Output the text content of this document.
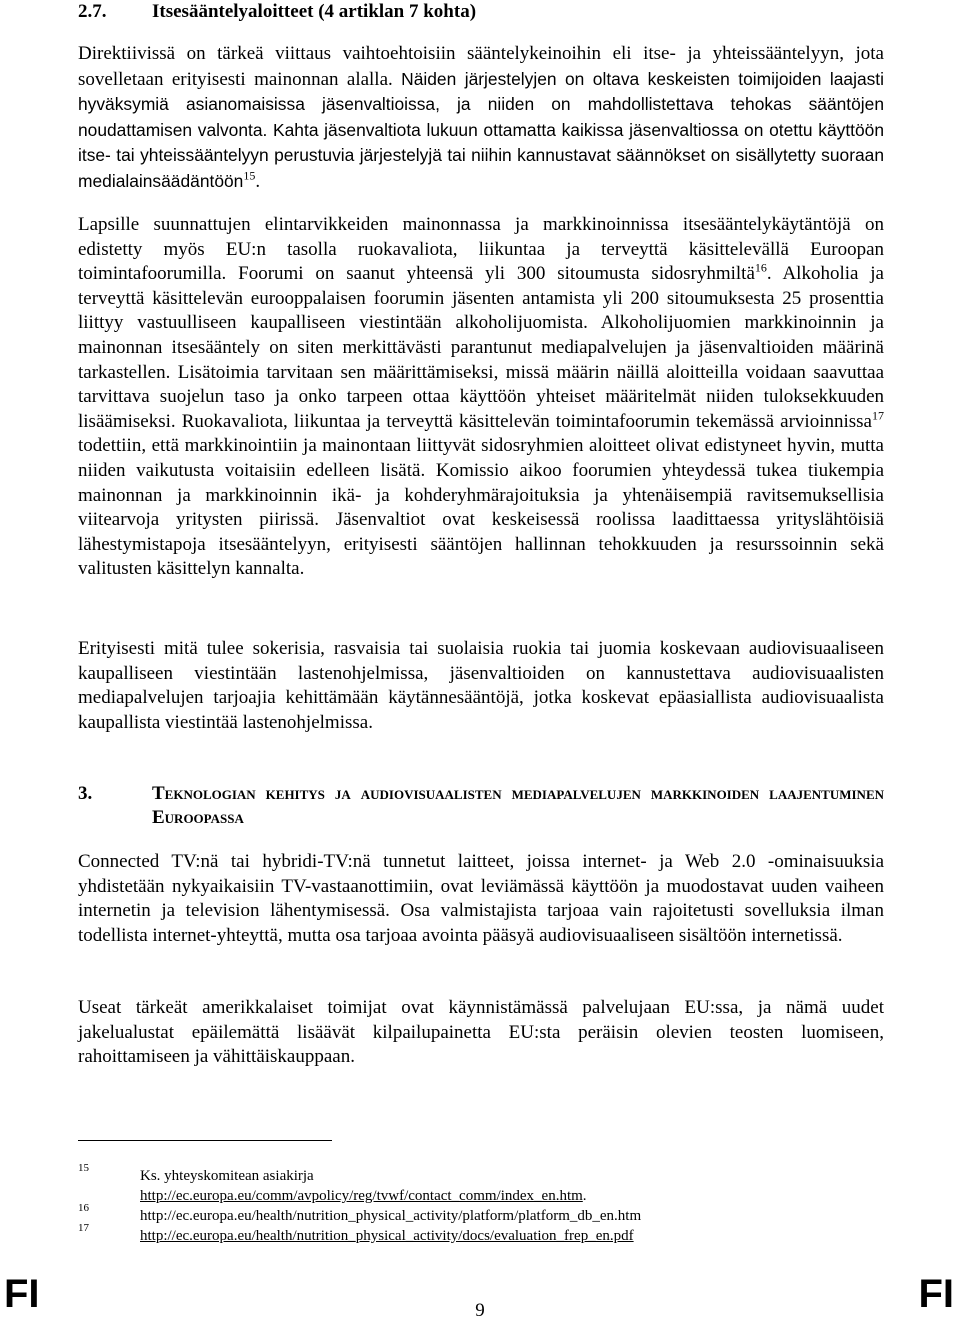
2.7. Itsesääntelyaloitteet (4 artiklan 7 kohta)

Direktiivissä on tärkeä viittaus vaihtoehtoisiin sääntelykeinoihin eli itse- ja yhteissääntelyyn, jota sovelletaan erityisesti mainonnan alalla. Näiden järjestelyjen on oltava keskeisten toimijoiden laajasti hyväksymiä asianomaisissa jäsenvaltioissa, ja niiden on mahdollistettava tehokas sääntöjen noudattamisen valvonta. Kahta jäsenvaltiota lukuun ottamatta kaikissa jäsenvaltiossa on otettu käyttöön itse- tai yhteissääntelyyn perustuvia järjestelyjä tai niihin kannustavat säännökset on sisällytetty suoraan medialainsäädäntöön$^{15}$.

Lapsille suunnattujen elintarvikkeiden mainonnassa ja markkinoinnissa itsesääntelykäytäntöjä on edistetty myös EU:n tasolla ruokavaliota, liikuntaa ja terveyttä käsittelevällä Euroopan toimintafoorumilla. Foorumi on saanut yhteensä yli 300 sitoumusta sidosryhmiltä$^{16}$. Alkoholia ja terveyttä käsittelevän eurooppalaisen foorumin jäsenten antamista yli 200 sitoumuksesta 25 prosenttia liittyy vastuulliseen kaupalliseen viestintään alkoholijuomista. Alkoholijuomien markkinoinnin ja mainonnan itsesääntely on siten merkittävästi parantunut mediapalvelujen ja jäsenvaltioiden määrinä tarkastellen. Lisätoimia tarvitaan sen määrittämiseksi, missä määrin näillä aloitteilla voidaan saavuttaa tarvittava suojelun taso ja onko tarpeen ottaa käyttöön yhteiset määritelmät niiden tuloksekkuuden lisäämiseksi. Ruokavaliota, liikuntaa ja terveyttä käsittelevän toimintafoorumin tekemässä arvioinnissa$^{17}$ todettiin, että markkinointiin ja mainontaan liittyvät sidosryhmien aloitteet olivat edistyneet hyvin, mutta niiden vaikutusta voitaisiin edelleen lisätä. Komissio aikoo foorumien yhteydessä tukea tiukempia mainonnan ja markkinoinnin ikä- ja kohderyhmärajoituksia ja yhtenäisempiä ravitsemuksellisia viitearvoja yritysten piirissä. Jäsenvaltiot ovat keskeisessä roolissa laadittaessa yrityslähtöisiä lähestymistapoja itsesääntelyyn, erityisesti sääntöjen hallinnan tehokkuuden ja resurssoinnin sekä valitusten käsittelyn kannalta.

Erityisesti mitä tulee sokerisia, rasvaisia tai suolaisia ruokia tai juomia koskevaan audiovisuaaliseen kaupalliseen viestintään lastenohjelmissa, jäsenvaltioiden on kannustettava audiovisuaalisten mediapalvelujen tarjoajia kehittämään käytännesääntöjä, jotka koskevat epäasiallista audiovisuaalista kaupallista viestintää lastenohjelmissa.

3.	Teknologian kehitys ja audiovisuaalisten mediapalvelujen markkinoiden laajentuminen Euroopassa

Connected TV:nä tai hybridi-TV:nä tunnetut laitteet, joissa internet- ja Web 2.0 -ominaisuuksia yhdistetään nykyaikaisiin TV-vastaanottimiin, ovat leviämässä käyttöön ja muodostavat uuden vaiheen internetin ja television lähentymisessä. Osa valmistajista tarjoaa vain rajoitetusti sovelluksia ilman todellista internet-yhteyttä, mutta osa tarjoaa avointa pääsyä audiovisuaaliseen sisältöön internetissä.

Useat tärkeät amerikkalaiset toimijat ovat käynnistämässä palvelujaan EU:ssa, ja nämä uudet jakelualustat epäilemättä lisäävät kilpailupainetta EU:sta peräisin olevien teosten luomiseen, rahoittamiseen ja vähittäiskauppaan.

15	Ks. yhteyskomitean asiakirja
http://ec.europa.eu/comm/avpolicy/reg/tvwf/contact_comm/index_en.htm.
16	http://ec.europa.eu/health/nutrition_physical_activity/platform/platform_db_en.htm
17	http://ec.europa.eu/health/nutrition_physical_activity/docs/evaluation_frep_en.pdf
FI	9	FI
